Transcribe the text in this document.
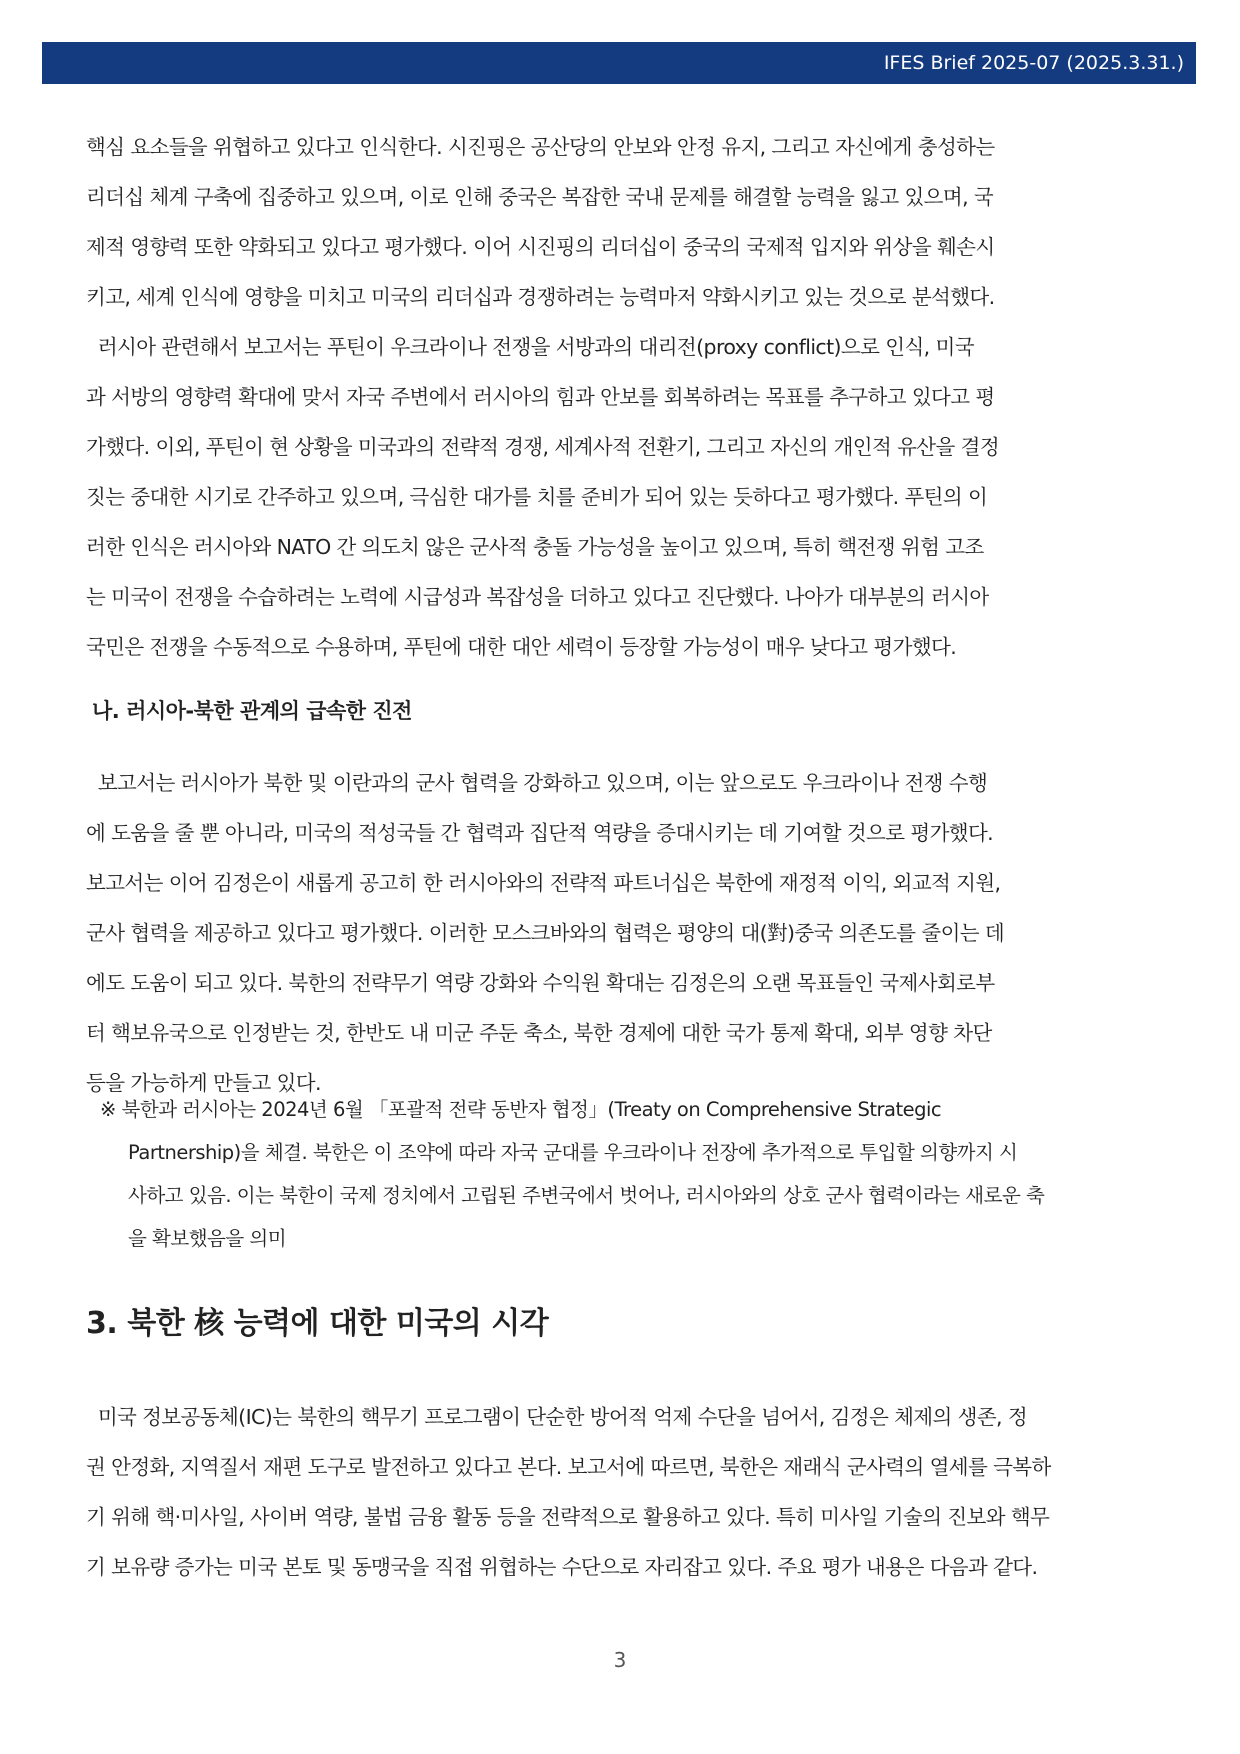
IFES Brief 2025-07 (2025.3.31.)
핵심 요소들을 위협하고 있다고 인식한다. 시진핑은 공산당의 안보와 안정 유지, 그리고 자신에게 충성하는
리더십 체계 구축에 집중하고 있으며, 이로 인해 중국은 복잡한 국내 문제를 해결할 능력을 잃고 있으며, 국
제적 영향력 또한 약화되고 있다고 평가했다. 이어 시진핑의 리더십이 중국의 국제적 입지와 위상을 훼손시
키고, 세계 인식에 영향을 미치고 미국의 리더십과 경쟁하려는 능력마저 약화시키고 있는 것으로 분석했다.
러시아 관련해서 보고서는 푸틴이 우크라이나 전쟁을 서방과의 대리전(proxy conflict)으로 인식, 미국
과 서방의 영향력 확대에 맞서 자국 주변에서 러시아의 힘과 안보를 회복하려는 목표를 추구하고 있다고 평
가했다. 이외, 푸틴이 현 상황을 미국과의 전략적 경쟁, 세계사적 전환기, 그리고 자신의 개인적 유산을 결정
짓는 중대한 시기로 간주하고 있으며, 극심한 대가를 치를 준비가 되어 있는 듯하다고 평가했다. 푸틴의 이
러한 인식은 러시아와 NATO 간 의도치 않은 군사적 충돌 가능성을 높이고 있으며, 특히 핵전쟁 위험 고조
는 미국이 전쟁을 수습하려는 노력에 시급성과 복잡성을 더하고 있다고 진단했다. 나아가 대부분의 러시아
국민은 전쟁을 수동적으로 수용하며, 푸틴에 대한 대안 세력이 등장할 가능성이 매우 낮다고 평가했다.
나. 러시아-북한 관계의 급속한 진전
보고서는 러시아가 북한 및 이란과의 군사 협력을 강화하고 있으며, 이는 앞으로도 우크라이나 전쟁 수행
에 도움을 줄 뿐 아니라, 미국의 적성국들 간 협력과 집단적 역량을 증대시키는 데 기여할 것으로 평가했다.
보고서는 이어 김정은이 새롭게 공고히 한 러시아와의 전략적 파트너십은 북한에 재정적 이익, 외교적 지원,
군사 협력을 제공하고 있다고 평가했다. 이러한 모스크바와의 협력은 평양의 대(對)중국 의존도를 줄이는 데
에도 도움이 되고 있다. 북한의 전략무기 역량 강화와 수익원 확대는 김정은의 오랜 목표들인 국제사회로부
터 핵보유국으로 인정받는 것, 한반도 내 미군 주둔 축소, 북한 경제에 대한 국가 통제 확대, 외부 영향 차단
등을 가능하게 만들고 있다.
※ 북한과 러시아는 2024년 6월 「포괄적 전략 동반자 협정」(Treaty on Comprehensive Strategic
Partnership)을 체결. 북한은 이 조약에 따라 자국 군대를 우크라이나 전장에 추가적으로 투입할 의향까지 시
사하고 있음. 이는 북한이 국제 정치에서 고립된 주변국에서 벗어나, 러시아와의 상호 군사 협력이라는 새로운 축
을 확보했음을 의미
3. 북한 核 능력에 대한 미국의 시각
미국 정보공동체(IC)는 북한의 핵무기 프로그램이 단순한 방어적 억제 수단을 넘어서, 김정은 체제의 생존, 정
권 안정화, 지역질서 재편 도구로 발전하고 있다고 본다. 보고서에 따르면, 북한은 재래식 군사력의 열세를 극복하
기 위해 핵·미사일, 사이버 역량, 불법 금융 활동 등을 전략적으로 활용하고 있다. 특히 미사일 기술의 진보와 핵무
기 보유량 증가는 미국 본토 및 동맹국을 직접 위협하는 수단으로 자리잡고 있다. 주요 평가 내용은 다음과 같다.
3
